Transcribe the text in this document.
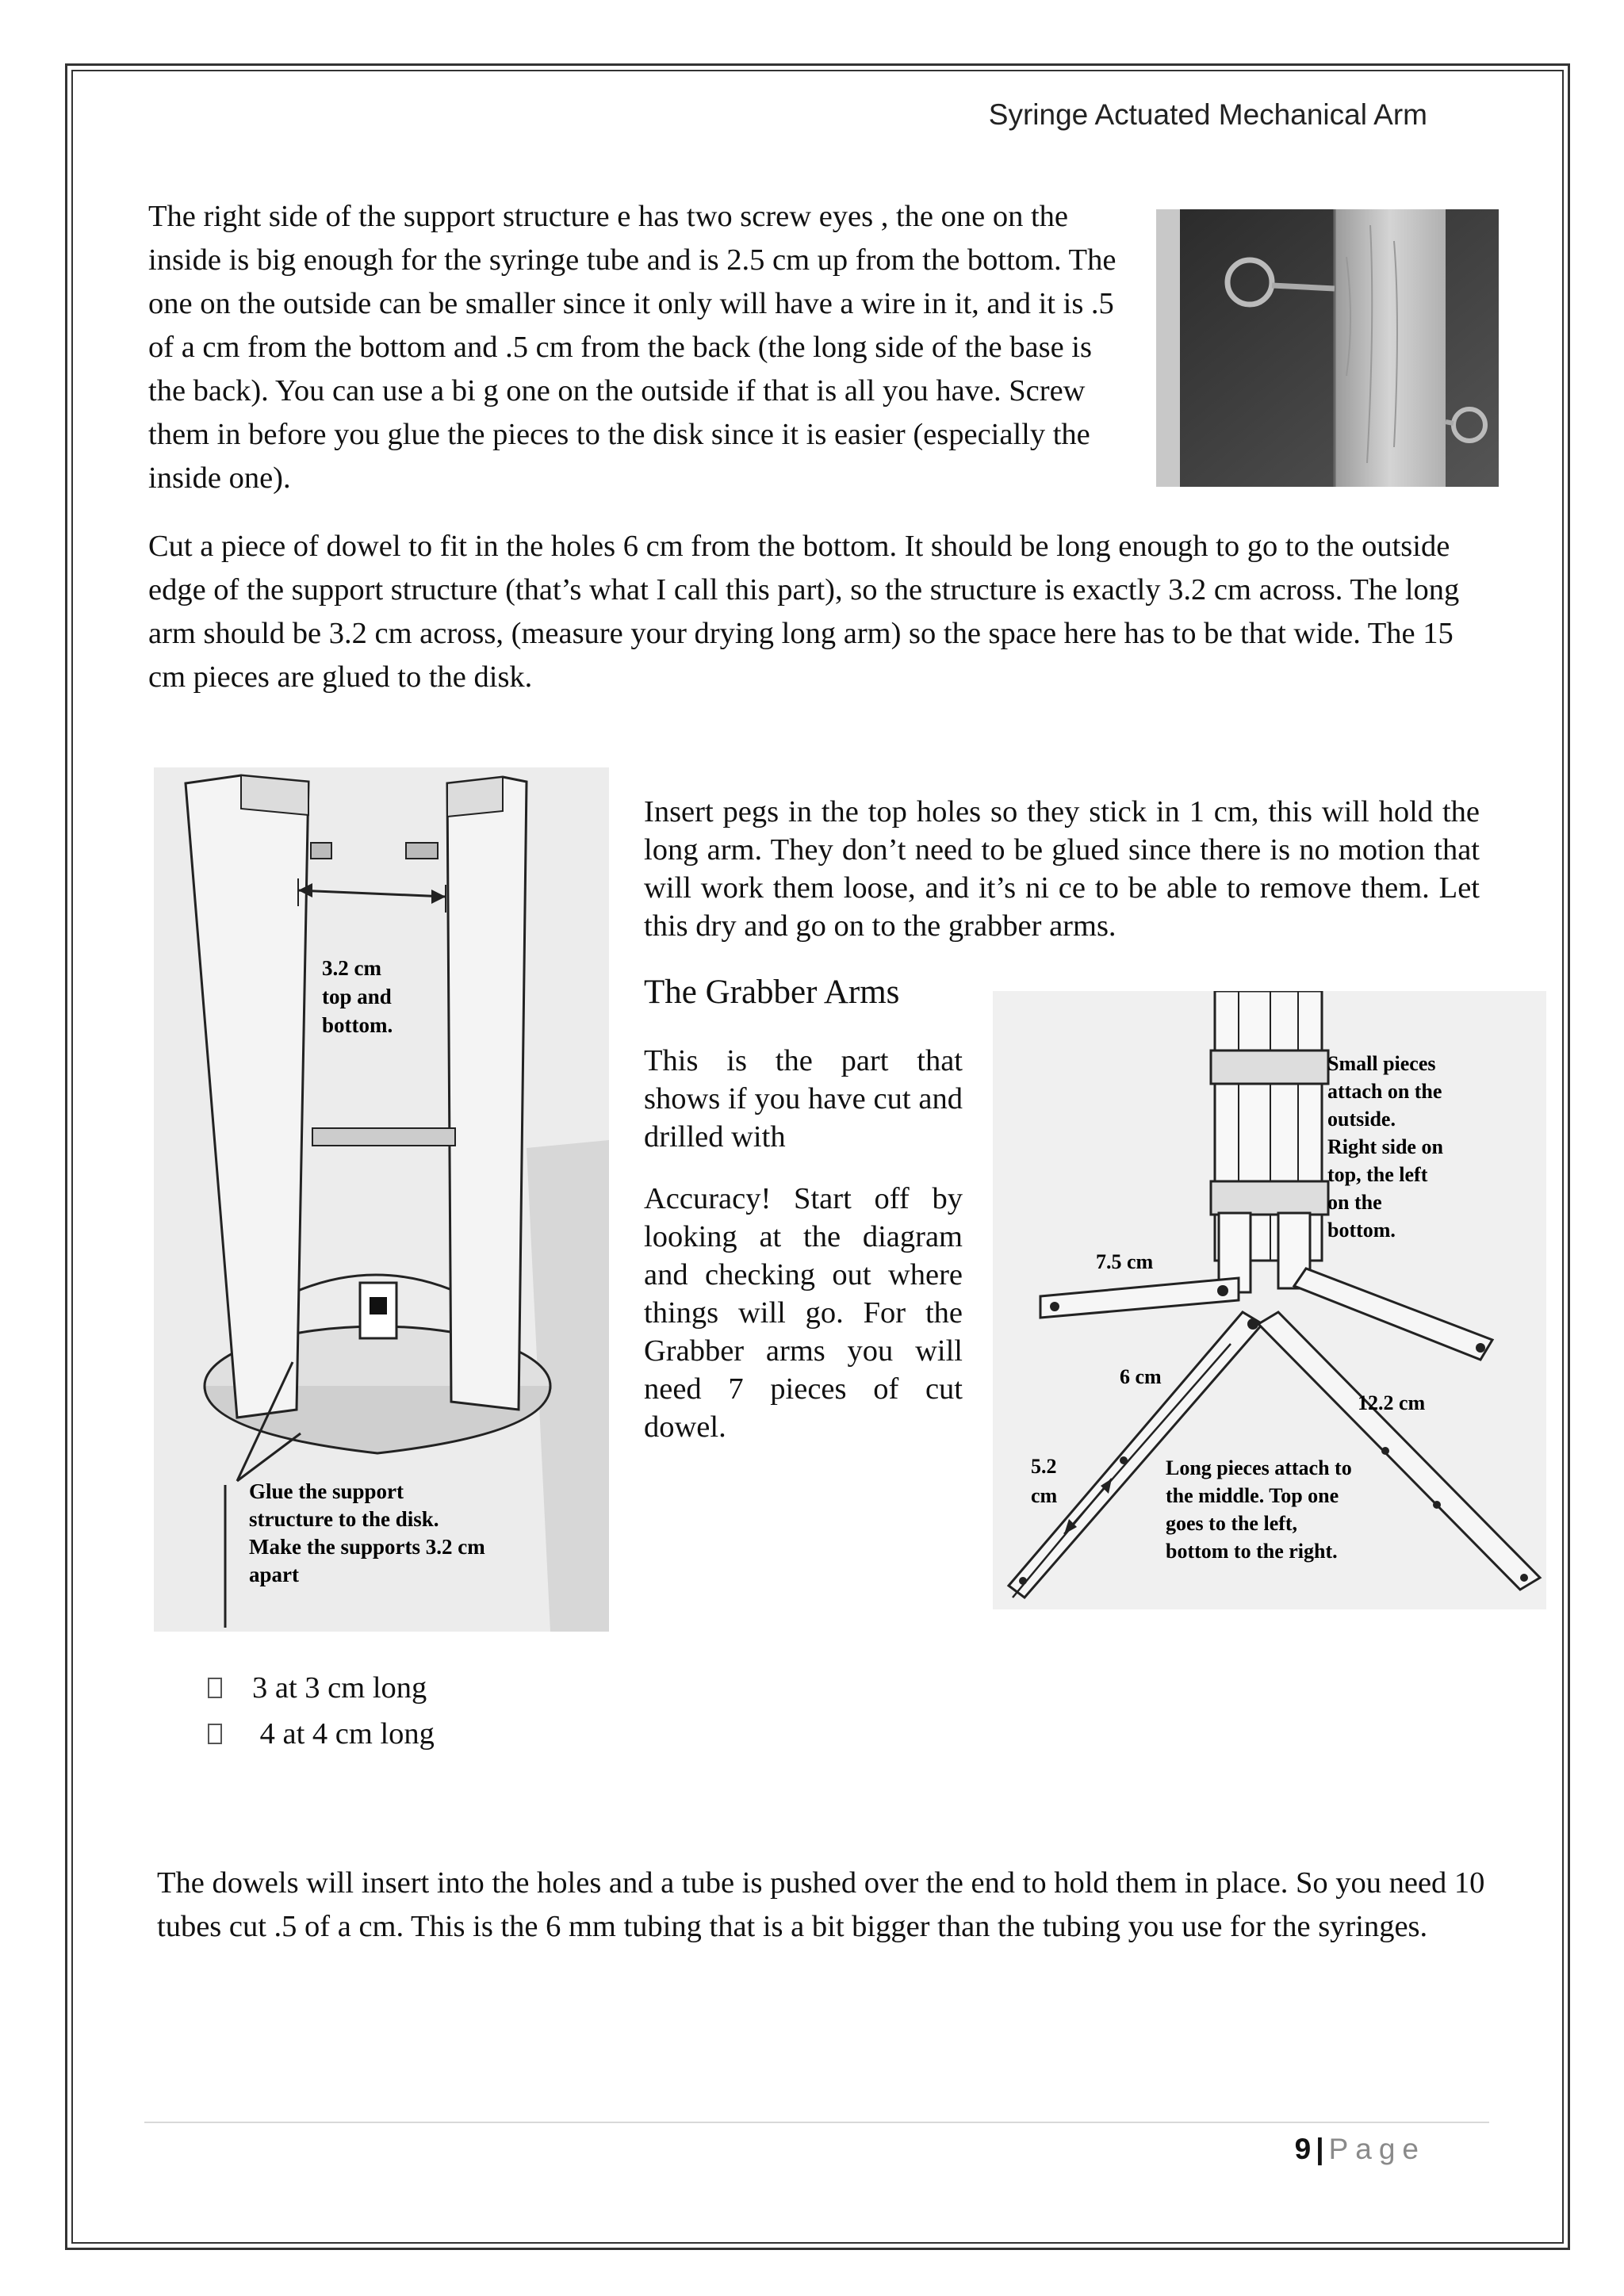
Syringe Actuated Mechanical Arm
The right side of the support structure e has two screw eyes , the one on the inside is big enough for the syringe tube and is 2.5 cm up from the bottom. The one on the outside can be smaller since it only will have a wire in it, and it is .5 of a cm from the bottom and .5 cm from the back (the long side of the base is the back). You can use a bi g one on the outside if that is all you have. Screw them in before you glue the pieces to the disk since it is easier (especially the inside one).
Cut a piece of dowel to fit in the holes 6 cm from the bottom. It should be long enough to go to the outside edge of the support structure (that’s what I call this part), so the structure is exactly 3.2 cm across. The long arm should be 3.2 cm across, (measure your drying long arm) so the space here has to be that wide. The 15 cm pieces are glued to the disk.
3.2 cm
top and
bottom.
Glue the support
structure to the disk.
Make the supports 3.2 cm
apart
Insert pegs in the top holes so they stick in 1 cm, this will hold the long arm. They don’t need to be glued since there is no motion that will work them loose, and it’s ni ce to be able to remove them. Let this dry and go on to the grabber arms.
The Grabber Arms
This is the part that shows if you have cut and drilled with
Accuracy! Start off by looking at the diagram and checking out where things will go. For the Grabber arms you will need 7 pieces of cut dowel.
Small pieces
attach on the
outside.
Right side on
top, the left
on the
bottom.
7.5 cm
6 cm
12.2 cm
5.2
cm
Long pieces attach to
the middle. Top one
goes to the left,
bottom to the right.
3 at 3 cm long
4 at 4 cm long
The dowels will insert into the holes and a tube is pushed over the end to hold them in place. So you need 10 tubes cut .5 of a cm. This is the 6 mm tubing that is a bit bigger than the tubing you use for the syringes.
9 | Page
